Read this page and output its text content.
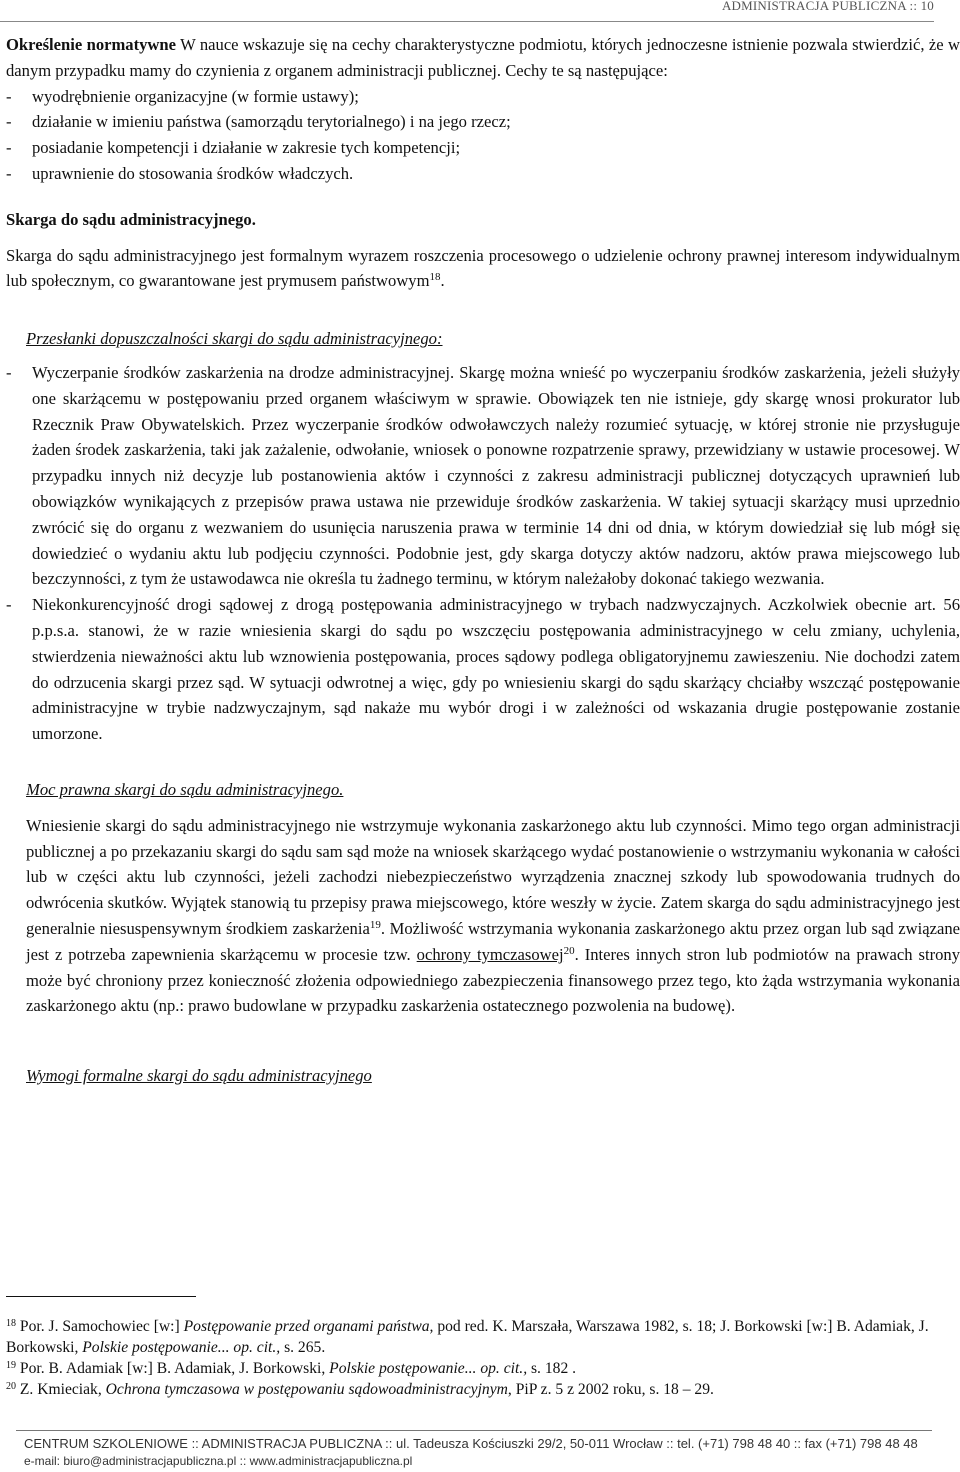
ADMINISTRACJA PUBLICZNA :: 10

Określenie normatywne W nauce wskazuje się na cechy charakterystyczne podmiotu, których jednoczesne istnienie pozwala stwierdzić, że w danym przypadku mamy do czynienia z organem administracji publicznej. Cechy te są następujące:

- wyodrębnienie organizacyjne (w formie ustawy);
- działanie w imieniu państwa (samorządu terytorialnego) i na jego rzecz;
- posiadanie kompetencji i działanie w zakresie tych kompetencji;
- uprawnienie do stosowania środków władczych.

Skarga do sądu administracyjnego.

Skarga do sądu administracyjnego jest formalnym wyrazem roszczenia procesowego o udzielenie ochrony prawnej interesom indywidualnym lub społecznym, co gwarantowane jest prymusem państwowym$^{18}$.

Przesłanki dopuszczalności skargi do sądu administracyjnego:

- Wyczerpanie środków zaskarżenia na drodze administracyjnej. Skargę można wnieść po wyczerpaniu środków zaskarżenia, jeżeli służyły one skarżącemu w postępowaniu przed organem właściwym w sprawie. Obowiązek ten nie istnieje, gdy skargę wnosi prokurator lub Rzecznik Praw Obywatelskich. Przez wyczerpanie środków odwoławczych należy rozumieć sytuację, w której stronie nie przysługuje żaden środek zaskarżenia, taki jak zażalenie, odwołanie, wniosek o ponowne rozpatrzenie sprawy, przewidziany w ustawie procesowej. W przypadku innych niż decyzje lub postanowienia aktów i czynności z zakresu administracji publicznej dotyczących uprawnień lub obowiązków wynikających z przepisów prawa ustawa nie przewiduje środków zaskarżenia. W takiej sytuacji skarżący musi uprzednio zwrócić się do organu z wezwaniem do usunięcia naruszenia prawa w terminie 14 dni od dnia, w którym dowiedział się lub mógł się dowiedzieć o wydaniu aktu lub podjęciu czynności. Podobnie jest, gdy skarga dotyczy aktów nadzoru, aktów prawa miejscowego lub bezczynności, z tym że ustawodawca nie określa tu żadnego terminu, w którym należałoby dokonać takiego wezwania.
- Niekonkurencyjność drogi sądowej z drogą postępowania administracyjnego w trybach nadzwyczajnych. Aczkolwiek obecnie art. 56 p.p.s.a. stanowi, że w razie wniesienia skargi do sądu po wszczęciu postępowania administracyjnego w celu zmiany, uchylenia, stwierdzenia nieważności aktu lub wznowienia postępowania, proces sądowy podlega obligatoryjnemu zawieszeniu. Nie dochodzi zatem do odrzucenia skargi przez sąd. W sytuacji odwrotnej a więc, gdy po wniesieniu skargi do sądu skarżący chciałby wszcząć postępowanie administracyjne w trybie nadzwyczajnym, sąd nakaże mu wybór drogi i w zależności od wskazania drugie postępowanie zostanie umorzone.

Moc prawna skargi do sądu administracyjnego.

Wniesienie skargi do sądu administracyjnego nie wstrzymuje wykonania zaskarżonego aktu lub czynności. Mimo tego organ administracji publicznej a po przekazaniu skargi do sądu sam sąd może na wniosek skarżącego wydać postanowienie o wstrzymaniu wykonania w całości lub w części aktu lub czynności, jeżeli zachodzi niebezpieczeństwo wyrządzenia znacznej szkody lub spowodowania trudnych do odwrócenia skutków. Wyjątek stanowią tu przepisy prawa miejscowego, które weszły w życie. Zatem skarga do sądu administracyjnego jest generalnie niesuspensywnym środkiem zaskarżenia$^{19}$. Możliwość wstrzymania wykonania zaskarżonego aktu przez organ lub sąd związane jest z potrzeba zapewnienia skarżącemu w procesie tzw. ochrony tymczasowej$^{20}$. Interes innych stron lub podmiotów na prawach strony może być chroniony przez konieczność złożenia odpowiedniego zabezpieczenia finansowego przez tego, kto żąda wstrzymania wykonania zaskarżonego aktu (np.: prawo budowlane w przypadku zaskarżenia ostatecznego pozwolenia na budowę).

Wymogi formalne skargi do sądu administracyjnego

$^{18}$ Por. J. Samochowiec [w:] Postępowanie przed organami państwa, pod red. K. Marszała, Warszawa 1982, s. 18; J. Borkowski [w:] B. Adamiak, J. Borkowski, Polskie postępowanie... op. cit., s. 265.

$^{19}$ Por. B. Adamiak [w:] B. Adamiak, J. Borkowski, Polskie postępowanie... op. cit., s. 182 .

$^{20}$ Z. Kmieciak, Ochrona tymczasowa w postępowaniu sądowoadministracyjnym, PiP z. 5 z 2002 roku, s. 18 – 29.

CENTRUM SZKOLENIOWE :: ADMINISTRACJA PUBLICZNA :: ul. Tadeusza Kościuszki 29/2, 50-011 Wrocław :: tel. (+71) 798 48 40 :: fax (+71) 798 48 48
e-mail: biuro@administracjapubliczna.pl :: www.administracjapubliczna.pl
